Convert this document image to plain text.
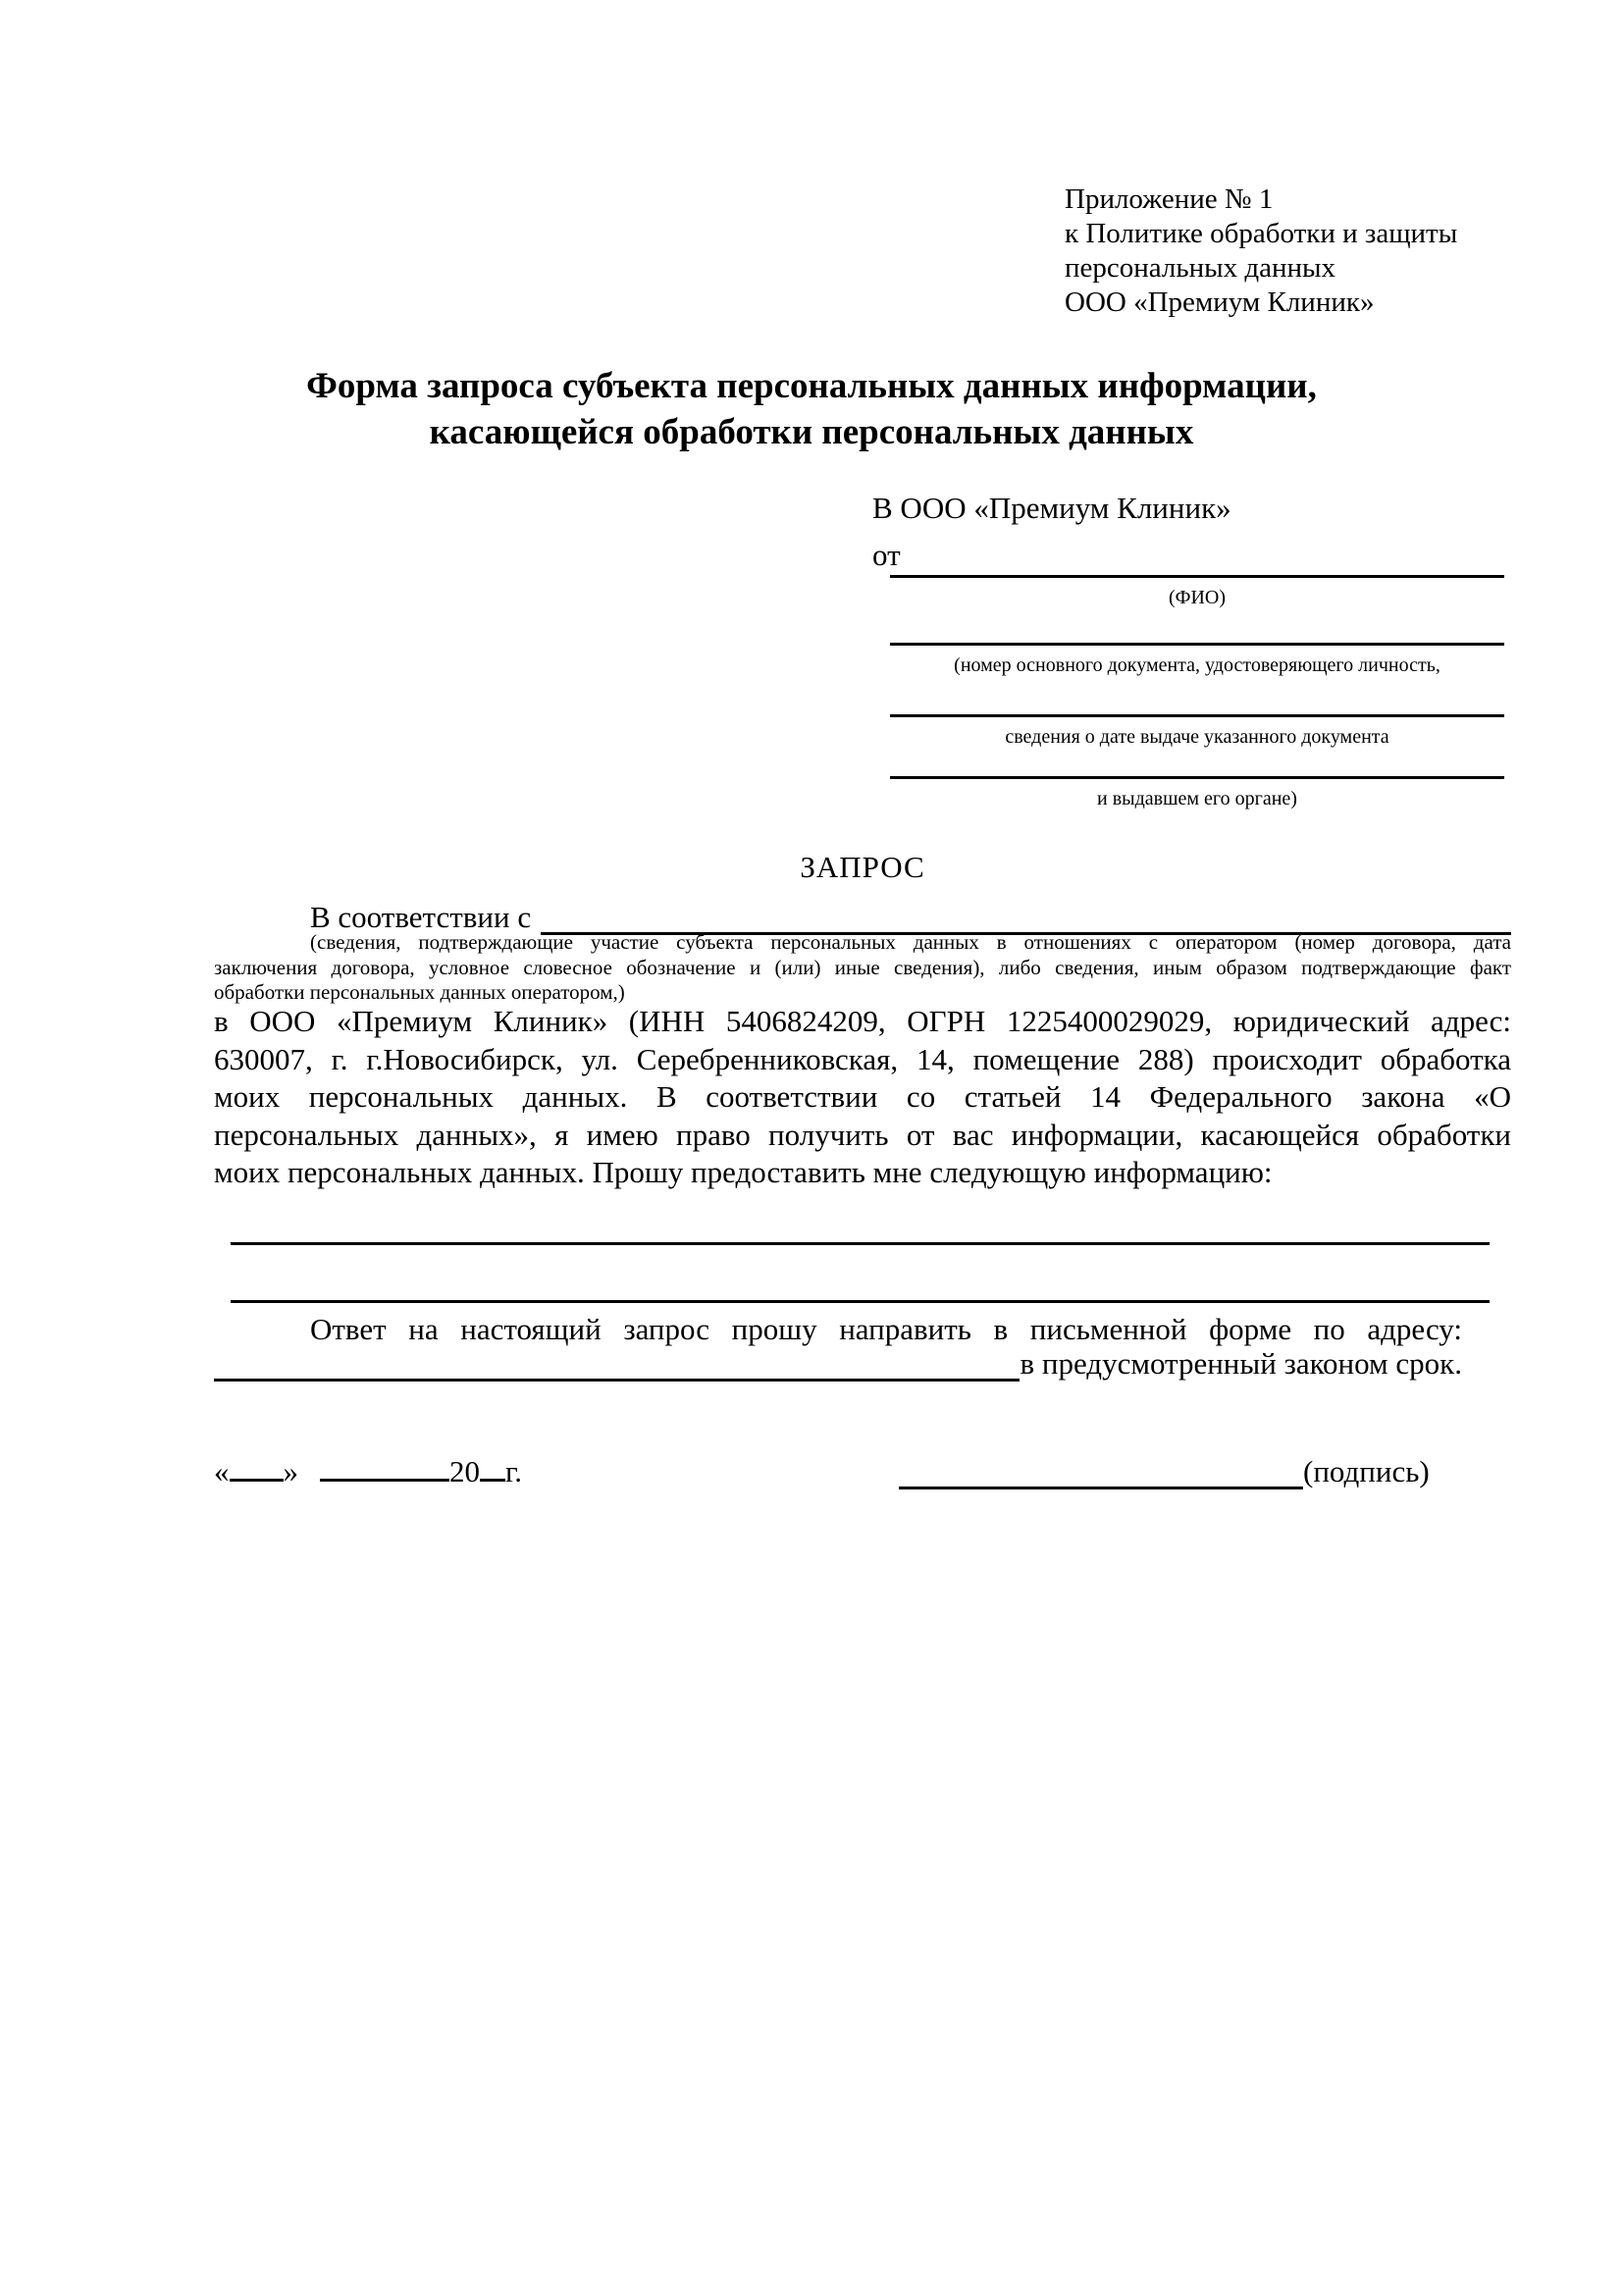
Приложение № 1
к Политике обработки и защиты
персональных данных
ООО «Премиум Клиник»
Форма запроса субъекта персональных данных информации,
касающейся обработки персональных данных
В ООО «Премиум Клиник»
от
(ФИО)
(номер основного документа, удостоверяющего личность,
сведения о дате выдаче указанного документа
и выдавшем его органе)
ЗАПРОС
В соответствии с
(сведения, подтверждающие участие субъекта персональных данных в отношениях с оператором (номер договора, дата
заключения договора, условное словесное обозначение и (или) иные сведения), либо сведения, иным образом подтверждающие факт
обработки персональных данных оператором,)
в ООО «Премиум Клиник» (ИНН 5406824209, ОГРН 1225400029029, юридический адрес:
630007, г. г.Новосибирск, ул. Серебренниковская, 14, помещение 288) происходит обработка
моих персональных данных. В соответствии со статьей 14 Федерального закона «О
персональных данных», я имею право получить от вас информации, касающейся обработки
моих персональных данных. Прошу предоставить мне следующую информацию:
Ответ на настоящий запрос прошу направить в письменной форме по адресу:
в предусмотренный законом срок.
« »	20 г.	(подпись)
